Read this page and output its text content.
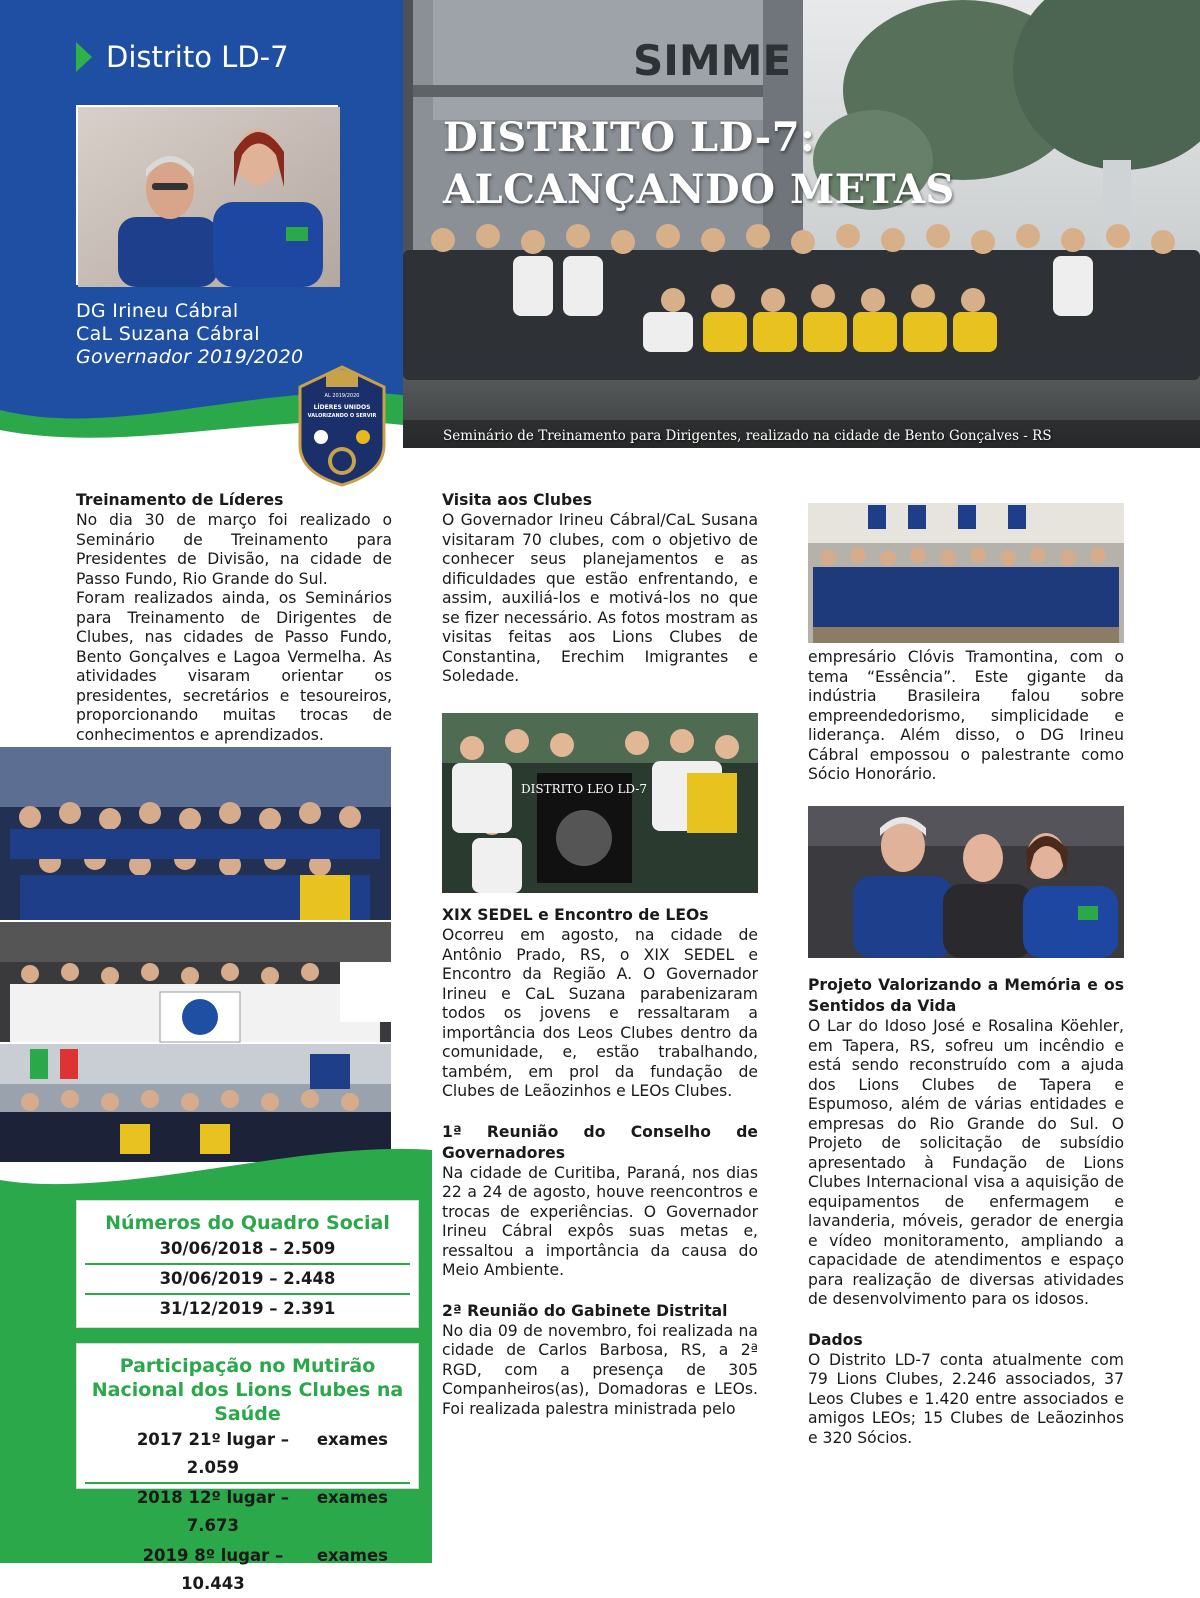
Distrito LD-7
DG Irineu Cábral
CaL Suzana Cábral
Governador 2019/2020
AL 2019/2020
LÍDERES UNIDOS
VALORIZANDO O SERVIR
SIMME
DISTRITO LD-7:
ALCANÇANDO METAS
Seminário de Treinamento para Dirigentes, realizado na cidade de Bento Gonçalves - RS
Treinamento de Líderes

No dia 30 de março foi realizado o Seminário de Treinamento para Presidentes de Divisão, na cidade de Passo Fundo, Rio Grande do Sul.

Foram realizados ainda, os Seminários para Treinamento de Dirigentes de Clubes, nas cidades de Passo Fundo, Bento Gonçalves e Lagoa Vermelha. As atividades visaram orientar os presidentes, secretários e tesoureiros, proporcionando muitas trocas de conhecimentos e aprendizados.

Números do Quadro Social
30/06/2018 – 2.509
30/06/2019 – 2.448
31/12/2019 – 2.391
Participação no Mutirão Nacional dos Lions Clubes na Saúde
2017 21º lugar – 2.059
exames
2018 12º lugar – 7.673
exames
2019 8º lugar – 10.443
exames
Visita aos Clubes

O Governador Irineu Cábral/CaL Susana visitaram 70 clubes, com o objetivo de conhecer seus planejamentos e as dificuldades que estão enfrentando, e assim, auxiliá-los e motivá-los no que se fizer necessário. As fotos mostram as visitas feitas aos Lions Clubes de Constantina, Erechim Imigrantes e Soledade.

DISTRITO LEO LD-7
XIX SEDEL e Encontro de LEOs

Ocorreu em agosto, na cidade de Antônio Prado, RS, o XIX SEDEL e Encontro da Região A. O Governador Irineu e CaL Suzana parabenizaram todos os jovens e ressaltaram a importância dos Leos Clubes dentro da comunidade, e, estão trabalhando, também, em prol da fundação de Clubes de Leãozinhos e LEOs Clubes.

1ª Reunião do Conselho de Governadores

Na cidade de Curitiba, Paraná, nos dias 22 a 24 de agosto, houve reencontros e trocas de experiências. O Governador Irineu Cábral expôs suas metas e, ressaltou a importância da causa do Meio Ambiente.

2ª Reunião do Gabinete Distrital

No dia 09 de novembro, foi realizada na cidade de Carlos Barbosa, RS, a 2ª RGD, com a presença de 305 Companheiros(as), Domadoras e LEOs. Foi realizada palestra ministrada pelo

empresário Clóvis Tramontina, com o tema “Essência”. Este gigante da indústria Brasileira falou sobre empreendedorismo, simplicidade e liderança. Além disso, o DG Irineu Cábral empossou o palestrante como Sócio Honorário.

Projeto Valorizando a Memória e os Sentidos da Vida

O Lar do Idoso José e Rosalina Köehler, em Tapera, RS, sofreu um incêndio e está sendo reconstruído com a ajuda dos Lions Clubes de Tapera e Espumoso, além de várias entidades e empresas do Rio Grande do Sul. O Projeto de solicitação de subsídio apresentado à Fundação de Lions Clubes Internacional visa a aquisição de equipamentos de enfermagem e lavanderia, móveis, gerador de energia e vídeo monitoramento, ampliando a capacidade de atendimentos e espaço para realização de diversas atividades de desenvolvimento para os idosos.

Dados

O Distrito LD-7 conta atualmente com 79 Lions Clubes, 2.246 associados, 37 Leos Clubes e 1.420 entre associados e amigos LEOs; 15 Clubes de Leãozinhos e 320 Sócios.
